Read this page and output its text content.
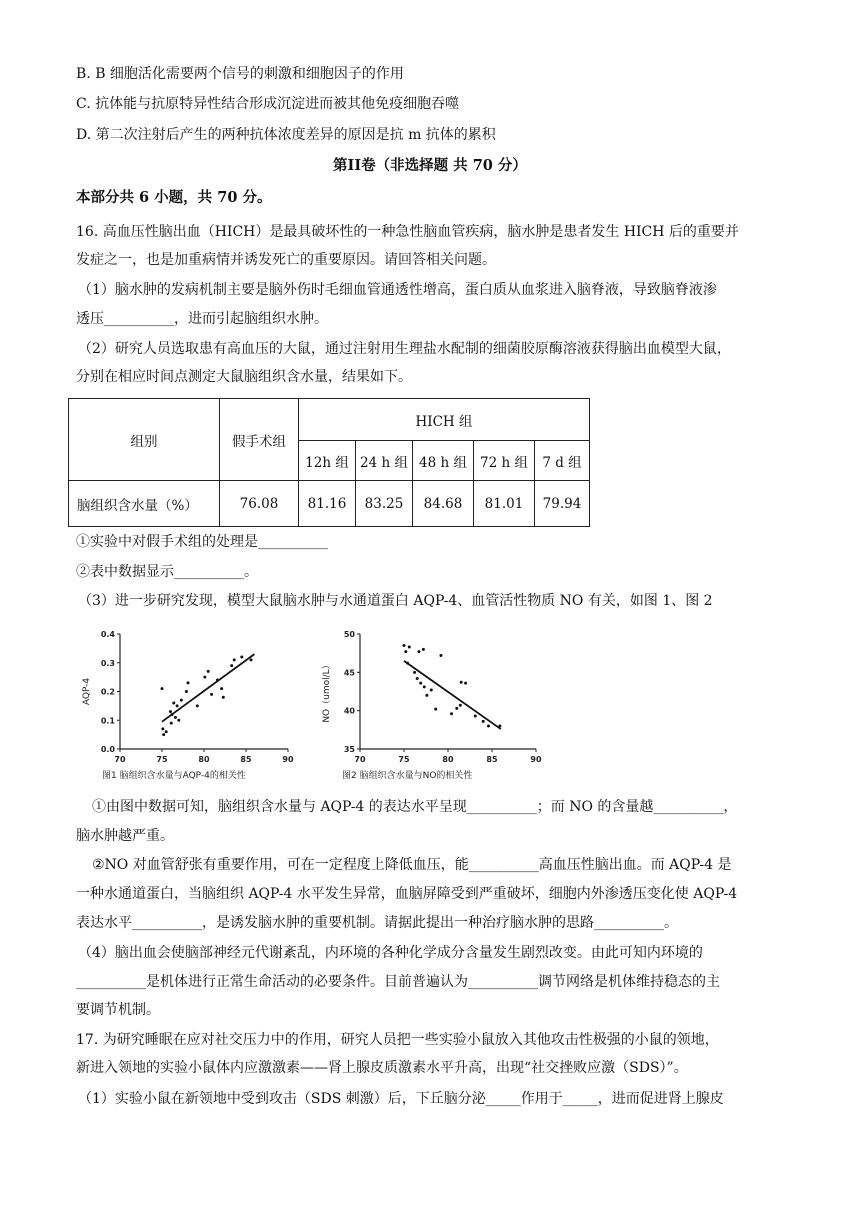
B. B 细胞活化需要两个信号的刺激和细胞因子的作用
C. 抗体能与抗原特异性结合形成沉淀进而被其他免疫细胞吞噬
D. 第二次注射后产生的两种抗体浓度差异的原因是抗 m 抗体的累积
第II卷（非选择题 共 70 分）
本部分共 6 小题，共 70 分。
16. 高血压性脑出血（HICH）是最具破坏性的一种急性脑血管疾病，脑水肿是患者发生 HICH 后的重要并
发症之一，也是加重病情并诱发死亡的重要原因。请回答相关问题。
（1）脑水肿的发病机制主要是脑外伤时毛细血管通透性增高，蛋白质从血浆进入脑脊液，导致脑脊液渗
透压__________，进而引起脑组织水肿。
（2）研究人员选取患有高血压的大鼠，通过注射用生理盐水配制的细菌胶原酶溶液获得脑出血模型大鼠，
分别在相应时间点测定大鼠脑组织含水量，结果如下。
组别	假手术组	HICH 组				
		12h 组	24 h 组	48 h 组	72 h 组	7 d 组
脑组织含水量（%）	76.08	81.16	83.25	84.68	81.01	79.94
①实验中对假手术组的处理是__________
②表中数据显示__________。
（3）进一步研究发现，模型大鼠脑水肿与水通道蛋白 AQP-4、血管活性物质 NO 有关，如图 1、图 2
70	75	80	85	90
0.0
0.1
0.2
0.3
0.4
AQP-4
图1 脑组织含水量与AQP-4的相关性
70	75	80	85	90
35
40
45
50
NO（umol/L）
图2 脑组织含水量与NO的相关性
①由图中数据可知，脑组织含水量与 AQP-4 的表达水平呈现__________；而 NO 的含量越__________，
脑水肿越严重。
②NO 对血管舒张有重要作用，可在一定程度上降低血压，能__________高血压性脑出血。而 AQP-4 是
一种水通道蛋白，当脑组织 AQP-4 水平发生异常，血脑屏障受到严重破坏，细胞内外渗透压变化使 AQP-4
表达水平__________，是诱发脑水肿的重要机制。请据此提出一种治疗脑水肿的思路__________。
（4）脑出血会使脑部神经元代谢紊乱，内环境的各种化学成分含量发生剧烈改变。由此可知内环境的
__________是机体进行正常生命活动的必要条件。目前普遍认为__________调节网络是机体维持稳态的主
要调节机制。
17. 为研究睡眠在应对社交压力中的作用，研究人员把一些实验小鼠放入其他攻击性极强的小鼠的领地，
新进入领地的实验小鼠体内应激激素——肾上腺皮质激素水平升高，出现“社交挫败应激（SDS）”。
（1）实验小鼠在新领地中受到攻击（SDS 刺激）后，下丘脑分泌_____作用于_____，进而促进肾上腺皮
